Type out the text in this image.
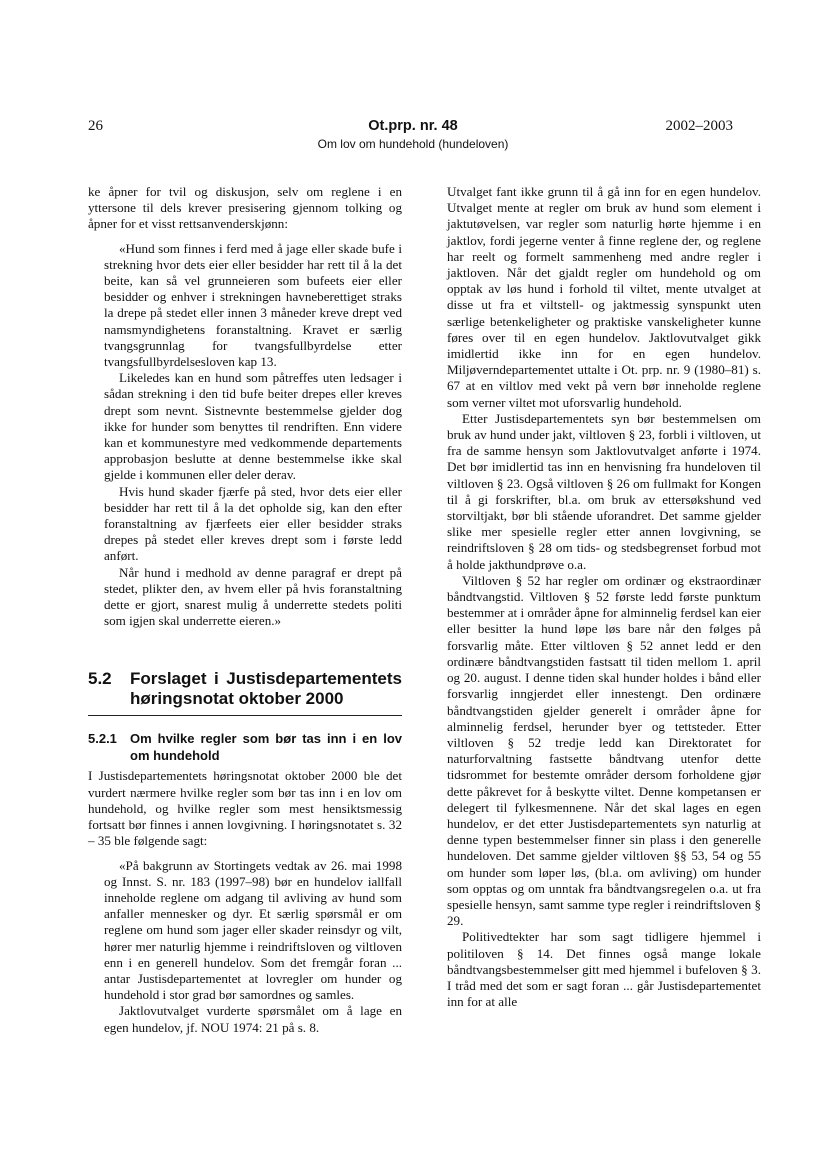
26	Ot.prp. nr. 48	2002–2003
Om lov om hundehold (hundeloven)

ke åpner for tvil og diskusjon, selv om reglene i en yttersone til dels krever presisering gjennom tolking og åpner for et visst rettsanvenderskjønn:

«Hund som finnes i ferd med å jage eller skade bufe i strekning hvor dets eier eller besidder har rett til å la det beite, kan så vel grunneieren som bufeets eier eller besidder og enhver i strekningen havneberettiget straks la drepe på stedet eller innen 3 måneder kreve drept ved namsmyndighetens foranstaltning. Kravet er særlig tvangsgrunnlag for tvangsfullbyrdelse etter tvangsfullbyrdelsesloven kap 13.

Likeledes kan en hund som påtreffes uten ledsager i sådan strekning i den tid bufe beiter drepes eller kreves drept som nevnt. Sistnevnte bestemmelse gjelder dog ikke for hunder som benyttes til rendriften. Enn videre kan et kommunestyre med vedkommende departements approbasjon beslutte at denne bestemmelse ikke skal gjelde i kommunen eller deler derav.

Hvis hund skader fjærfe på sted, hvor dets eier eller besidder har rett til å la det opholde sig, kan den efter foranstaltning av fjærfeets eier eller besidder straks drepes på stedet eller kreves drept som i første ledd anført.

Når hund i medhold av denne paragraf er drept på stedet, plikter den, av hvem eller på hvis foranstaltning dette er gjort, snarest mulig å underrette stedets politi som igjen skal underrette eieren.»

5.2	Forslaget i Justisdepartementets høringsnotat oktober 2000
5.2.1	Om hvilke regler som bør tas inn i en lov om hundehold

I Justisdepartementets høringsnotat oktober 2000 ble det vurdert nærmere hvilke regler som bør tas inn i en lov om hundehold, og hvilke regler som mest hensiktsmessig fortsatt bør finnes i annen lovgivning. I høringsnotatet s. 32 – 35 ble følgende sagt:

«På bakgrunn av Stortingets vedtak av 26. mai 1998 og Innst. S. nr. 183 (1997–98) bør en hundelov iallfall inneholde reglene om adgang til avliving av hund som anfaller mennesker og dyr. Et særlig spørsmål er om reglene om hund som jager eller skader reinsdyr og vilt, hører mer naturlig hjemme i reindriftsloven og viltloven enn i en generell hundelov. Som det fremgår foran ... antar Justisdepartementet at lovregler om hunder og hundehold i stor grad bør samordnes og samles.

Jaktlovutvalget vurderte spørsmålet om å lage en egen hundelov, jf. NOU 1974: 21 på s. 8.

Utvalget fant ikke grunn til å gå inn for en egen hundelov. Utvalget mente at regler om bruk av hund som element i jaktutøvelsen, var regler som naturlig hørte hjemme i en jaktlov, fordi jegerne venter å finne reglene der, og reglene har reelt og formelt sammenheng med andre regler i jaktloven. Når det gjaldt regler om hundehold og om opptak av løs hund i forhold til viltet, mente utvalget at disse ut fra et viltstell- og jaktmessig synspunkt uten særlige betenkeligheter og praktiske vanskeligheter kunne føres over til en egen hundelov. Jaktlovutvalget gikk imidlertid ikke inn for en egen hundelov. Miljøverndepartementet uttalte i Ot. prp. nr. 9 (1980–81) s. 67 at en viltlov med vekt på vern bør inneholde reglene som verner viltet mot uforsvarlig hundehold.

Etter Justisdepartementets syn bør bestemmelsen om bruk av hund under jakt, viltloven § 23, forbli i viltloven, ut fra de samme hensyn som Jaktlovutvalget anførte i 1974. Det bør imidlertid tas inn en henvisning fra hundeloven til viltloven § 23. Også viltloven § 26 om fullmakt for Kongen til å gi forskrifter, bl.a. om bruk av ettersøkshund ved storviltjakt, bør bli stående uforandret. Det samme gjelder slike mer spesielle regler etter annen lovgivning, se reindriftsloven § 28 om tids- og stedsbegrenset forbud mot å holde jakthundprøve o.a.

Viltloven § 52 har regler om ordinær og ekstraordinær båndtvangstid. Viltloven § 52 første ledd første punktum bestemmer at i områder åpne for alminnelig ferdsel kan eier eller besitter la hund løpe løs bare når den følges på forsvarlig måte. Etter viltloven § 52 annet ledd er den ordinære båndtvangstiden fastsatt til tiden mellom 1. april og 20. august. I denne tiden skal hunder holdes i bånd eller forsvarlig inngjerdet eller innestengt. Den ordinære båndtvangstiden gjelder generelt i områder åpne for alminnelig ferdsel, herunder byer og tettsteder. Etter viltloven § 52 tredje ledd kan Direktoratet for naturforvaltning fastsette båndtvang utenfor dette tidsrommet for bestemte områder dersom forholdene gjør dette påkrevet for å beskytte viltet. Denne kompetansen er delegert til fylkesmennene. Når det skal lages en egen hundelov, er det etter Justisdepartementets syn naturlig at denne typen bestemmelser finner sin plass i den generelle hundeloven. Det samme gjelder viltloven §§ 53, 54 og 55 om hunder som løper løs, (bl.a. om avliving) om hunder som opptas og om unntak fra båndtvangsregelen o.a. ut fra spesielle hensyn, samt samme type regler i reindriftsloven § 29.

Politivedtekter har som sagt tidligere hjemmel i politiloven § 14. Det finnes også mange lokale båndtvangsbestemmelser gitt med hjemmel i bufeloven § 3. I tråd med det som er sagt foran ... går Justisdepartementet inn for at alle
